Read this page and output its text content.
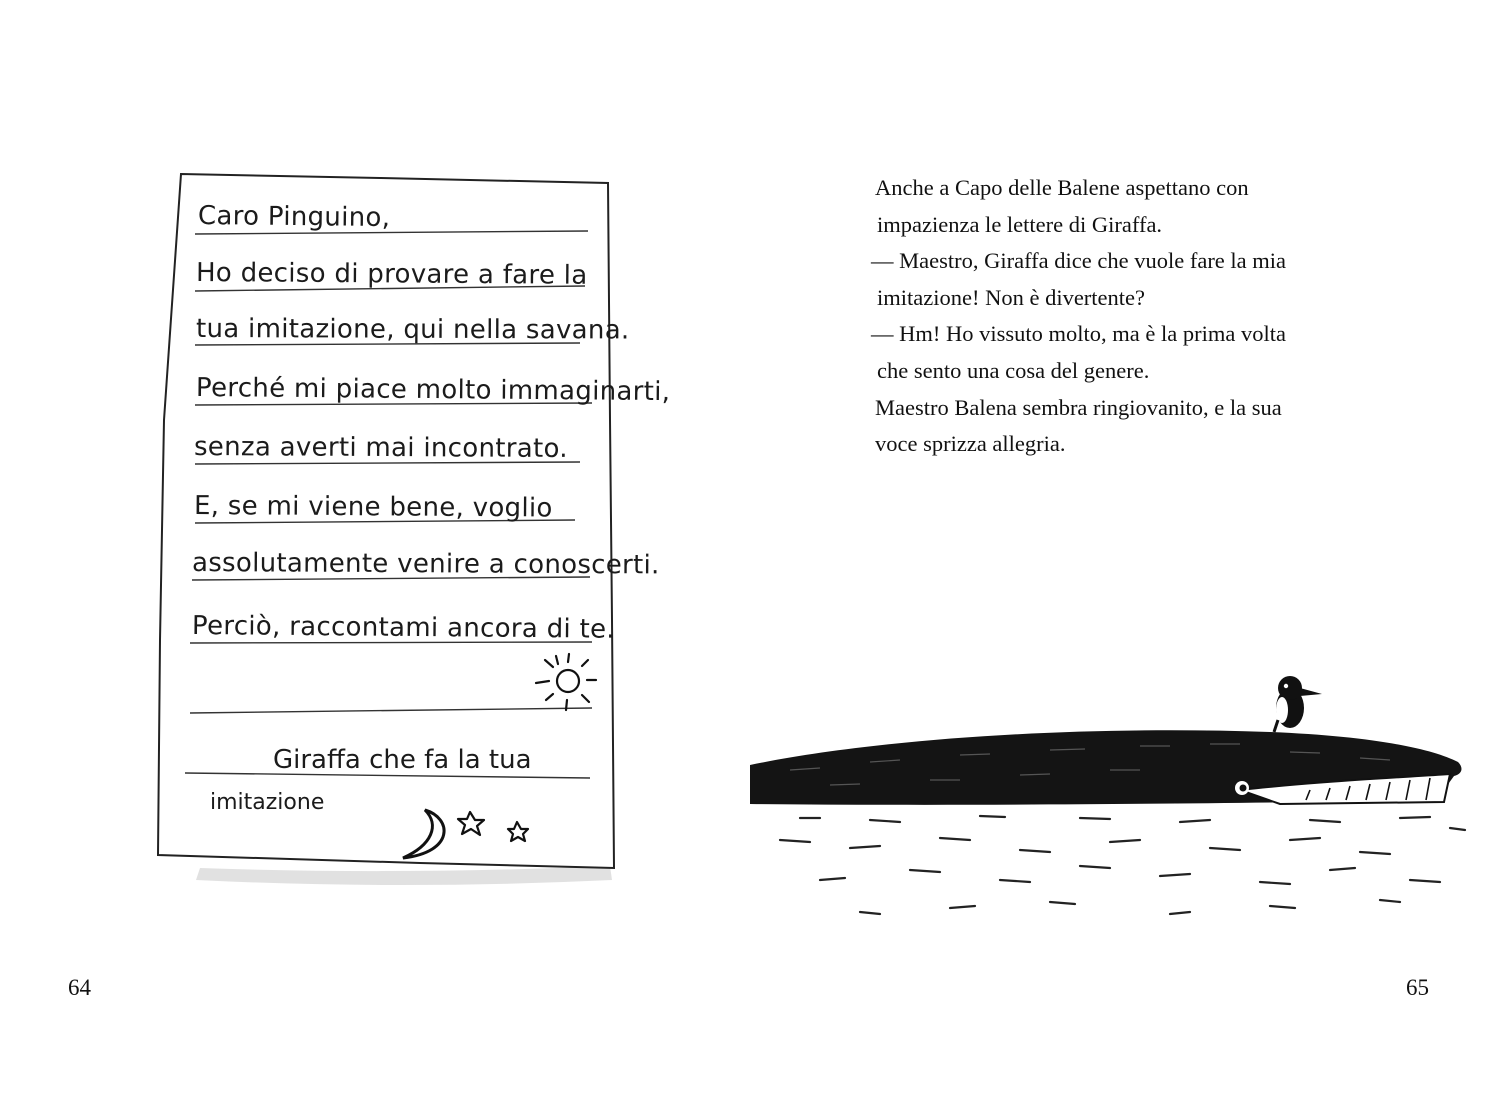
Caro Pinguino,
Ho deciso di provare a fare la
tua imitazione, qui nella savana.
Perché mi piace molto immaginarti,
senza averti mai incontrato.
E, se mi viene bene, voglio
assolutamente venire a conoscerti.
Perciò, raccontami ancora di te.
Giraffa che fa la tua
imitazione
64

Anche a Capo delle Balene aspettano con

impazienza le lettere di Giraffa.

— Maestro, Giraffa dice che vuole fare la mia

imitazione! Non è divertente?

— Hm! Ho vissuto molto, ma è la prima volta

che sento una cosa del genere.

Maestro Balena sembra ringiovanito, e la sua

voce sprizza allegria.

65
